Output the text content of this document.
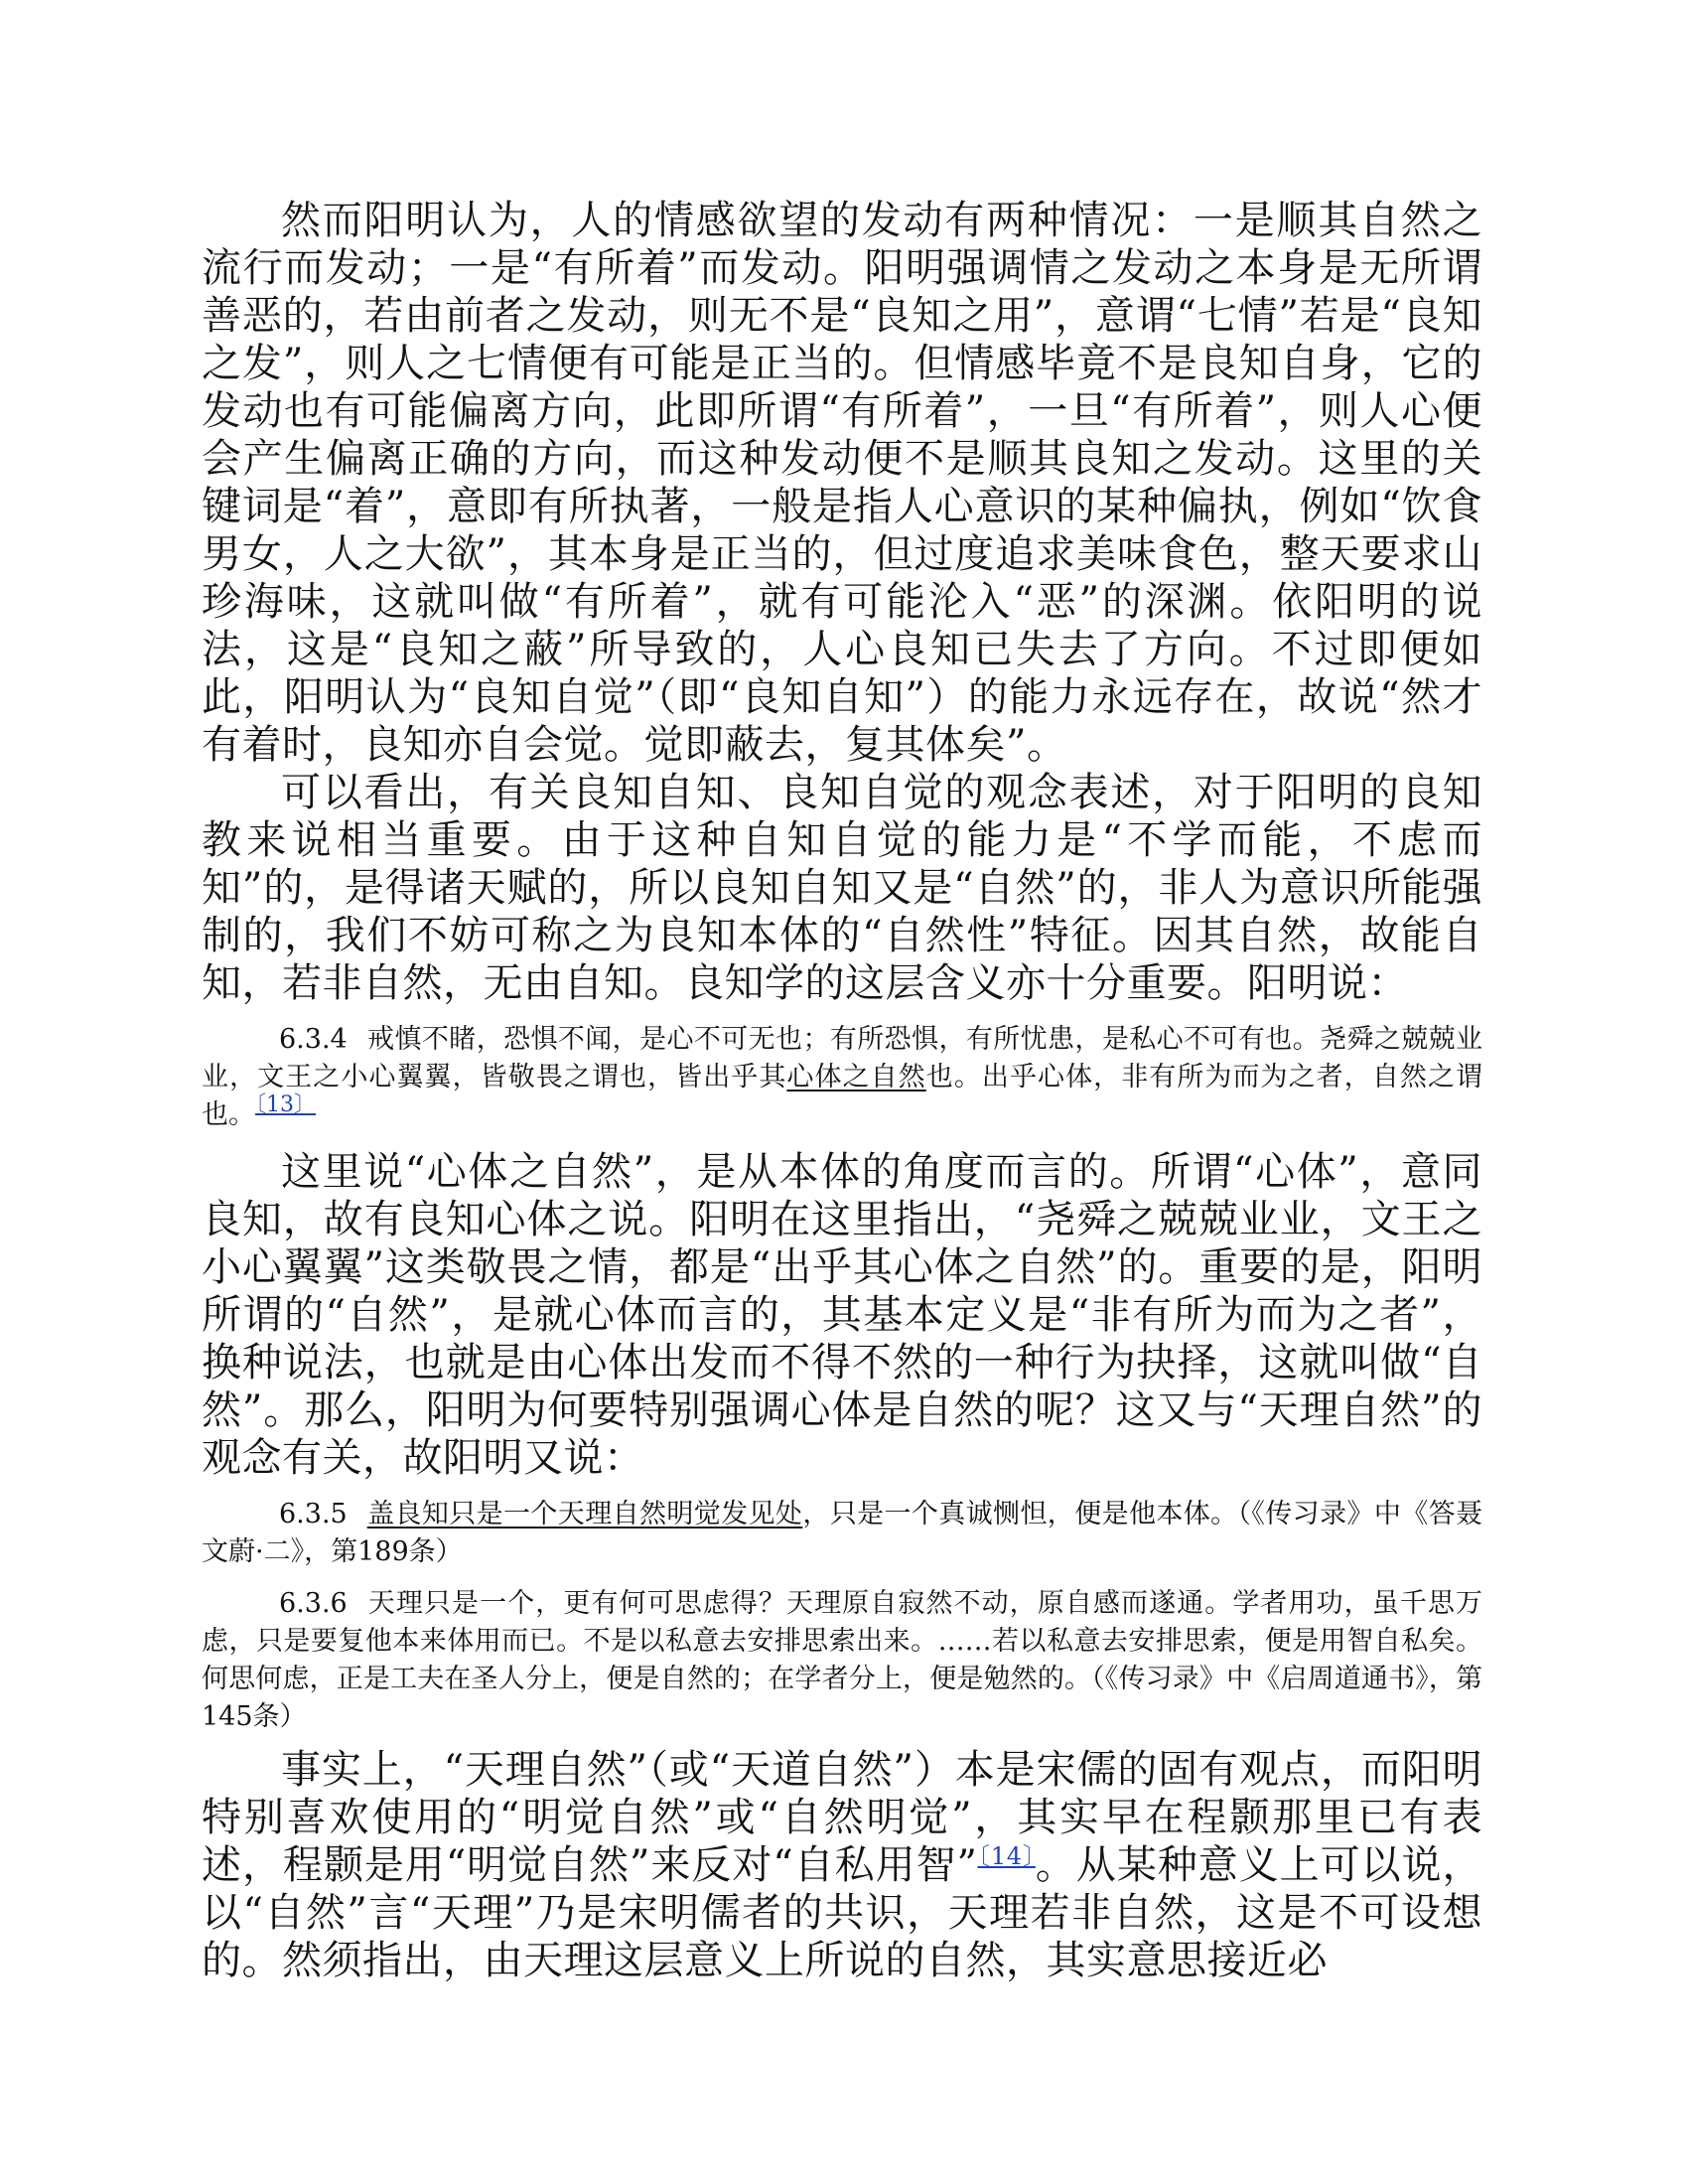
然而阳明认为，人的情感欲望的发动有两种情况：一是顺其自然之流行而发动；一是“有所着”而发动。阳明强调情之发动之本身是无所谓善恶的，若由前者之发动，则无不是“良知之用”，意谓“七情”若是“良知之发”，则人之七情便有可能是正当的。但情感毕竟不是良知自身，它的发动也有可能偏离方向，此即所谓“有所着”，一旦“有所着”，则人心便会产生偏离正确的方向，而这种发动便不是顺其良知之发动。这里的关键词是“着”，意即有所执著，一般是指人心意识的某种偏执，例如“饮食男女，人之大欲”，其本身是正当的，但过度追求美味食色，整天要求山珍海味，这就叫做“有所着”，就有可能沦入“恶”的深渊。依阳明的说法，这是“良知之蔽”所导致的，人心良知已失去了方向。不过即便如此，阳明认为“良知自觉”（即“良知自知”）的能力永远存在，故说“然才有着时，良知亦自会觉。觉即蔽去，复其体矣”。

可以看出，有关良知自知、良知自觉的观念表述，对于阳明的良知教来说相当重要。由于这种自知自觉的能力是“不学而能，不虑而知”的，是得诸天赋的，所以良知自知又是“自然”的，非人为意识所能强制的，我们不妨可称之为良知本体的“自然性”特征。因其自然，故能自知，若非自然，无由自知。良知学的这层含义亦十分重要。阳明说：

6.3.4 戒慎不睹，恐惧不闻，是心不可无也；有所恐惧，有所忧患，是私心不可有也。尧舜之兢兢业业，文王之小心翼翼，皆敬畏之谓也，皆出乎其心体之自然也。出乎心体，非有所为而为之者，自然之谓也。$^{〔13〕}$

这里说“心体之自然”，是从本体的角度而言的。所谓“心体”，意同良知，故有良知心体之说。阳明在这里指出，“尧舜之兢兢业业，文王之小心翼翼”这类敬畏之情，都是“出乎其心体之自然”的。重要的是，阳明所谓的“自然”，是就心体而言的，其基本定义是“非有所为而为之者”，换种说法，也就是由心体出发而不得不然的一种行为抉择，这就叫做“自然”。那么，阳明为何要特别强调心体是自然的呢？这又与“天理自然”的观念有关，故阳明又说：

6.3.5 盖良知只是一个天理自然明觉发见处，只是一个真诚恻怛，便是他本体。（《传习录》中《答聂文蔚·二》，第189条）

6.3.6 天理只是一个，更有何可思虑得？天理原自寂然不动，原自感而遂通。学者用功，虽千思万虑，只是要复他本来体用而已。不是以私意去安排思索出来。……若以私意去安排思索，便是用智自私矣。何思何虑，正是工夫在圣人分上，便是自然的；在学者分上，便是勉然的。（《传习录》中《启周道通书》，第145条）

事实上，“天理自然”（或“天道自然”）本是宋儒的固有观点，而阳明特别喜欢使用的“明觉自然”或“自然明觉”，其实早在程颢那里已有表述，程颢是用“明觉自然”来反对“自私用智”$^{〔14〕}$。从某种意义上可以说，以“自然”言“天理”乃是宋明儒者的共识，天理若非自然，这是不可设想的。然须指出，由天理这层意义上所说的自然，其实意思接近必
